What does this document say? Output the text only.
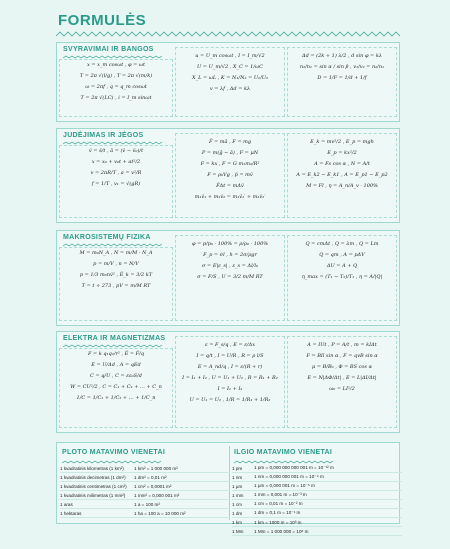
FORMULĖS
SVYRAVIMAI IR BANGOS
x = x_m cosωt , φ = ωt
T = 2π √(l/g) , T = 2π √(m/k)
ω = 2πf , q = q_m cosωt
T = 2π √(LC) , i = I_m sinωt
u = U_m cosωt , I = I_m/√2
U = U_m/√2 , X_C = 1/ωC
X_L = ωL , K = N₁/N₂ = U₁/U₂
v = λf , Δd = kλ
Δd = (2k + 1) λ/2 , d sin φ = kλ
n₂/n₁ = sin α / sin β , v₁/v₂ = n₂/n₁
D = 1/F = 1/d + 1/f
JUDĖJIMAS IR JĖGOS
v̄ = s̄/t , ā = (v̄ − v̄₀)/t
x = x₀ + v₀t + at²/2
v = 2πR/T , a = v²/R
f = 1/T , v₁ = √(gR)
F̄ = mā , F = mg
P = m(ḡ − ā) , F = μN
F = kx , F = G m₁m₂/R²
F = ρ₀Vg , p̄ = mv̄
F̄Δt = mΔv̄
m₁v̄₁ + m₂v̄₂ = m₁v̄₁′ + m₂v̄₂′
E_k = mv²/2 , E_p = mgh
E_p = kx²/2
A = Fs cos α , N = A/t
A = E_k2 − E_k1 , A = E_p1 − E_p2
M = Fl , η = A_n/A_v · 100%
MAKROSISTEMŲ FIZIKA
M = m₀N_A , N = m/M · N_A
p = m/V , n = N/V
p = 1/3 m₀nv̄² , Ē_k = 3/2 kT
T = t + 273 , pV = m/M RT
φ = p/p₀ · 100% = ρ/ρ₀ · 100%
F_p = σl , h = 2σ/ρgr
σ = E|ε_s| , ε_s = Δl/l₀
σ = F/S , U = 3/2 m/M RT
Q = cmΔt , Q = λm , Q = Lm
Q = qm , A = pΔV
ΔU = A + Q
η_max = (T₁ − T₂)/T₁ , η = A/|Q|
ELEKTRA IR MAGNETIZMAS
F = k q₁q₂/r² , Ē = F̄/q
E = U/Δd , A = qEd
C = q/U , C = εε₀S/d
W = CU²/2 , C = C₁ + C₂ + … + C_n
1/C = 1/C₁ + 1/C₂ + … + 1/C_n
ε = F_s/q , E = ε/Δx
I = q/t , I = U/R , R = ρ l/S
E = A_nd/q , I = ε/(R + r)
I = I₁ + I₂ , U = U₁ + U₂ , R = R₁ + R₂
I = I₁ + I₂
U = U₁ = U₂ , 1/R = 1/R₁ + 1/R₂
A = IUt , P = A/t , m = kIΔt
F = BIl sin α , F = qvB sin α
μ = B/B₀ , Φ = BS cos α
E = N|ΔΦ/Δt| , E = L|ΔI/Δt|
ω₀ = LI²/2
PLOTO MATAVIMO VIENETAI	ILGIO MATAVIMO VIENETAI
1 kvadratinis kilometras (1 km²)	1 km² = 1 000 000 m²
1 kvadratinis decimetras (1 dm²)	1 dm² = 0,01 m²
1 kvadratinis centimetras (1 cm²)	1 cm² = 0,0001 m²
1 kvadratinis milimetras (1 mm²)	1 mm² = 0,000 001 m²
1 aras	1 a = 100 m²
1 hektaras	1 ha = 100 a = 10 000 m²
1 pm	1 pm = 0,000 000 000 001 m = 10⁻¹² m
1 nm	1 nm = 0,000 000 001 m = 10⁻⁹ m
1 μm	1 μm = 0,000 001 m = 10⁻⁶ m
1 mm	1 mm = 0,001 m = 10⁻³ m
1 cm	1 cm = 0,01 m = 10⁻² m
1 dm	1 dm = 0,1 m = 10⁻¹ m
1 km	1 km = 1000 m = 10³ m
1 Mm	1 Mm = 1 000 000 = 10⁶ m
